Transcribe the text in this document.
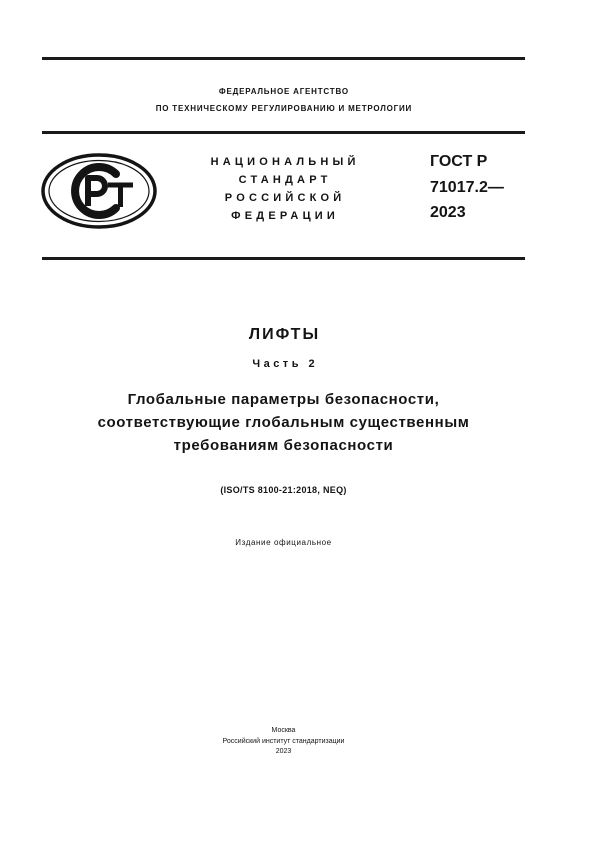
ФЕДЕРАЛЬНОЕ АГЕНТСТВО
ПО ТЕХНИЧЕСКОМУ РЕГУЛИРОВАНИЮ И МЕТРОЛОГИИ
НАЦИОНАЛЬНЫЙ
СТАНДАРТ
РОССИЙСКОЙ
ФЕДЕРАЦИИ
ГОСТ Р
71017.2—
2023
ЛИФТЫ
Часть 2
Глобальные параметры безопасности,
соответствующие глобальным существенным
требованиям безопасности
(ISO/TS 8100-21:2018, NEQ)
Издание официальное
Москва
Российский институт стандартизации
2023
